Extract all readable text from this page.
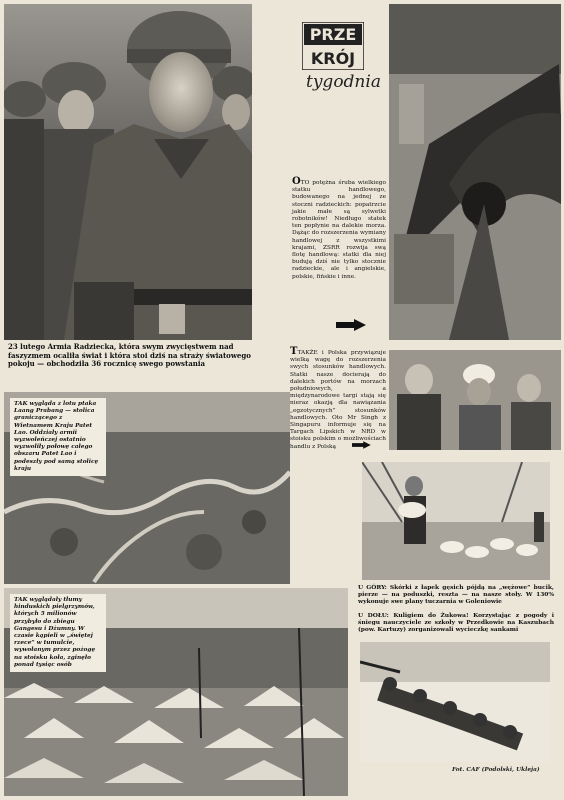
23 lutego Armia Radziecka, która swym zwycięstwem nad faszyzmem ocaliła świat i która stoi dziś na straży światowego pokoju — obchodziła 36 rocznicę swego powstania
PRZE
KRÓJ
tygodnia
OTO potężna śruba wielkiego statku handlowego, budowanego na jednej ze stoczni radzieckich: popatrzcie jakie małe są sylwetki robotników! Niedługo statek ten popłynie na dalekie morza. Dążąc do rozszerzenia wymiany handlowej z wszystkimi krajami, ZSRR rozwija swą flotę handlową: statki dla niej budują dziś nie tylko stocznie radzieckie, ale i angielskie, polskie, fińskie i inne.
TTAKŻE i Polska przywiązuje wielką wagę do rozszerzenia swych stosunków handlowych. Statki nasze docierają do dalekich portów na morzach południowych, a międzynarodowe targi stają się nieraz okazją dla nawiązania „egzotycznych” stosunków handlowych. Oto Mr Singh z Singapuru informuje się na Targach Lipskich w NRD w stoisku polskim o możliwościach handlu z Polską
TAK wygląda z lotu ptaka Laang Prabang — stolica graniczącego z Wietnamem Kraju Patet Lao. Oddziały armii wyzwoleńczej ostatnio wyzwoliły połowę całego obszaru Patet Lao i podeszły pod samą stolicę kraju
U GÓRY: Skórki z łapek gęsich pójdą na „wężowe” bucik, pierze — na poduszki, reszta — na nasze stoły. W 130% wykonuje swe plany tuczarnia w Goleniowie
U DOŁU: Kuligiem do Żukowa! Korzystając z pogody i śniegu nauczyciele ze szkoły w Przedkowie na Kaszubach (pow. Kartuzy) zorganizowali wycieczkę sankami
Fot. CAF (Podolski, Ukleja)
TAK wyglądały tłumy hinduskich pielgrzymów, których 5 milionów przybyło do zbiegu Gangesu i Dżumny. W czasie kąpieli w „świętej rzece” w tumulcie, wywołanym przez pożogę na stoisku koła, zginęło ponad tysiąc osób
